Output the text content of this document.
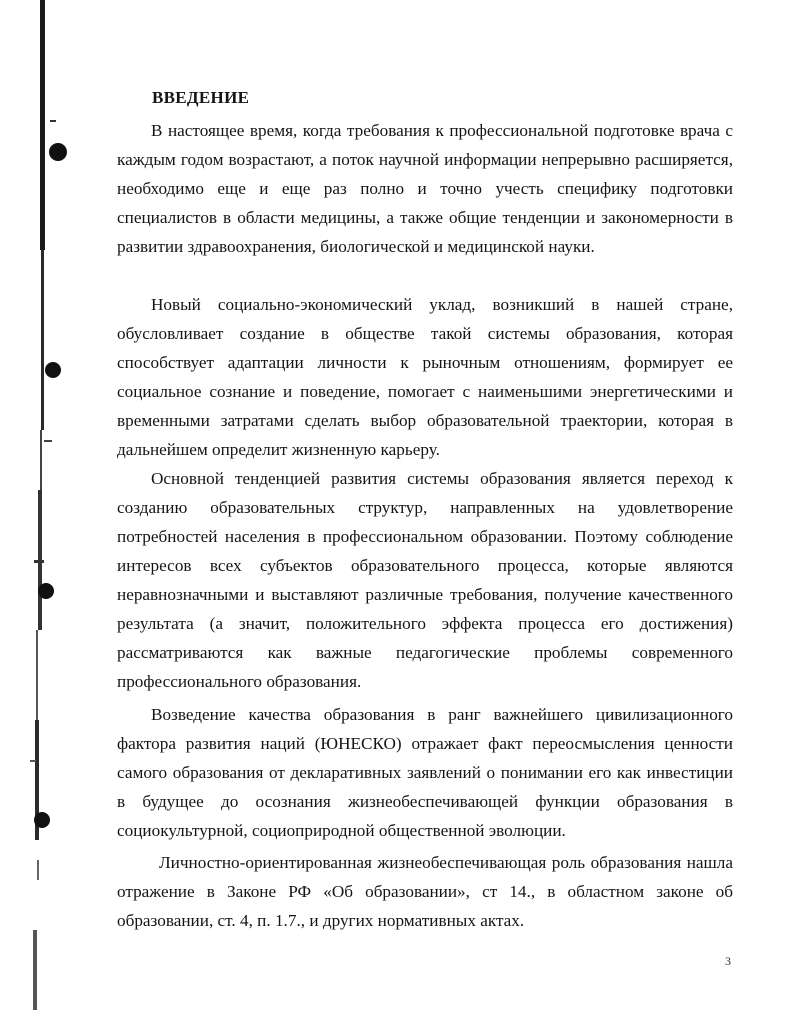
ВВЕДЕНИЕ

В настоящее время, когда требования к профессиональной подготовке врача с каждым годом возрастают, а поток научной информации непрерывно расширяется, необходимо еще и еще раз полно и точно учесть специфику подготовки специалистов в области медицины, а также общие тенденции и закономерности в развитии здравоохранения, биологической и медицинской науки.

Новый социально-экономический уклад, возникший в нашей стране, обусловливает создание в обществе такой системы образования, которая способствует адаптации личности к рыночным отношениям, формирует ее социальное сознание и поведение, помогает с наименьшими энергетическими и временными затратами сделать выбор образовательной траектории, которая в дальнейшем определит жизненную карьеру.

Основной тенденцией развития системы образования является переход к созданию образовательных структур, направленных на удовлетворение потребностей населения в профессиональном образовании. Поэтому соблюдение интересов всех субъектов образовательного процесса, которые являются неравнозначными и выставляют различные требования, получение качественного результата (а значит, положительного эффекта процесса его достижения) рассматриваются как важные педагогические проблемы современного профессионального образования.

Возведение качества образования в ранг важнейшего цивилизационного фактора развития наций (ЮНЕСКО) отражает факт переосмысления ценности самого образования от декларативных заявлений о понимании его как инвестиции в будущее до осознания жизнеобеспечивающей функции образования в социокультурной, социоприродной общественной эволюции.

Личностно-ориентированная жизнеобеспечивающая роль образования нашла отражение в Законе РФ «Об образовании», ст 14., в областном законе об образовании, ст. 4, п. 1.7., и других нормативных актах.

3
